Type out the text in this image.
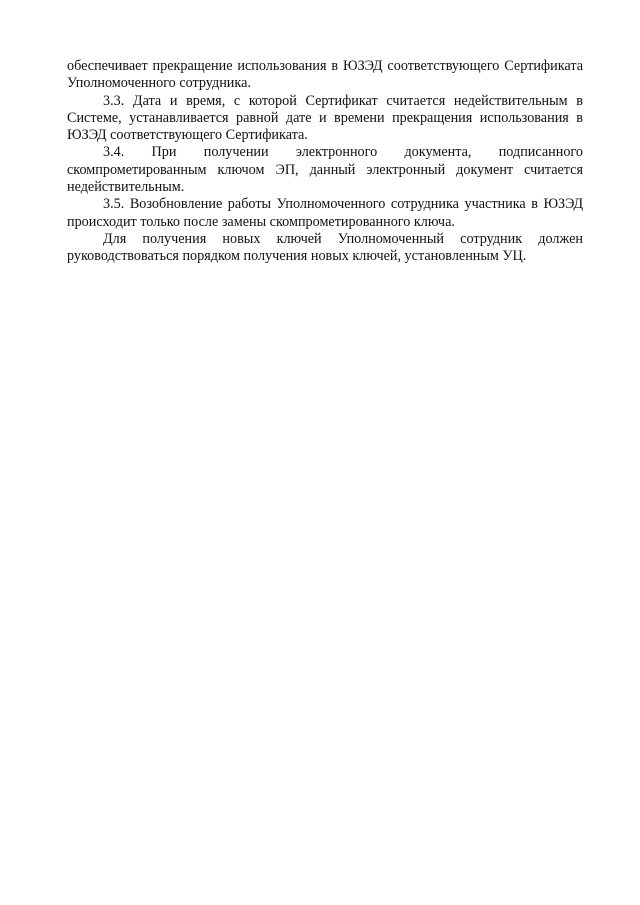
обеспечивает прекращение использования в ЮЗЭД соответствующего Сертификата Уполномоченного сотрудника.

3.3. Дата и время, с которой Сертификат считается недействительным в Системе, устанавливается равной дате и времени прекращения использования в ЮЗЭД соответствующего Сертификата.

3.4. При получении электронного документа, подписанного скомпрометированным ключом ЭП, данный электронный документ считается недействительным.

3.5. Возобновление работы Уполномоченного сотрудника участника в ЮЗЭД происходит только после замены скомпрометированного ключа.

Для получения новых ключей Уполномоченный сотрудник должен руководствоваться порядком получения новых ключей, установленным УЦ.
